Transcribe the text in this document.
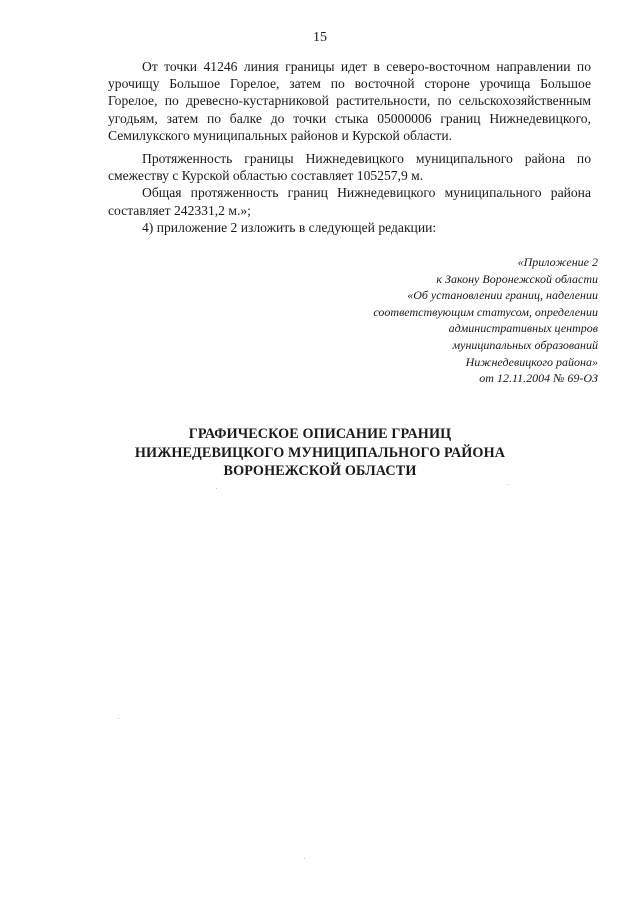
15

От точки 41246 линия границы идет в северо-восточном направлении по урочищу Большое Горелое, затем по восточной стороне урочища Большое Горелое, по древесно-кустарниковой растительности, по сельскохозяйственным угодьям, затем по балке до точки стыка 05000006 границ Нижнедевицкого, Семилукского муниципальных районов и Курской области.

Протяженность границы Нижнедевицкого муниципального района по смежеству с Курской областью составляет 105257,9 м.

Общая протяженность границ Нижнедевицкого муниципального района составляет 242331,2 м.»;

4) приложение 2 изложить в следующей редакции:

«Приложение 2
к Закону Воронежской области
«Об установлении границ, наделении
соответствующим статусом, определении
административных центров
муниципальных образований
Нижнедевицкого района»
от 12.11.2004 № 69-ОЗ
ГРАФИЧЕСКОЕ ОПИСАНИЕ ГРАНИЦ
НИЖНЕДЕВИЦКОГО МУНИЦИПАЛЬНОГО РАЙОНА
ВОРОНЕЖСКОЙ ОБЛАСТИ
